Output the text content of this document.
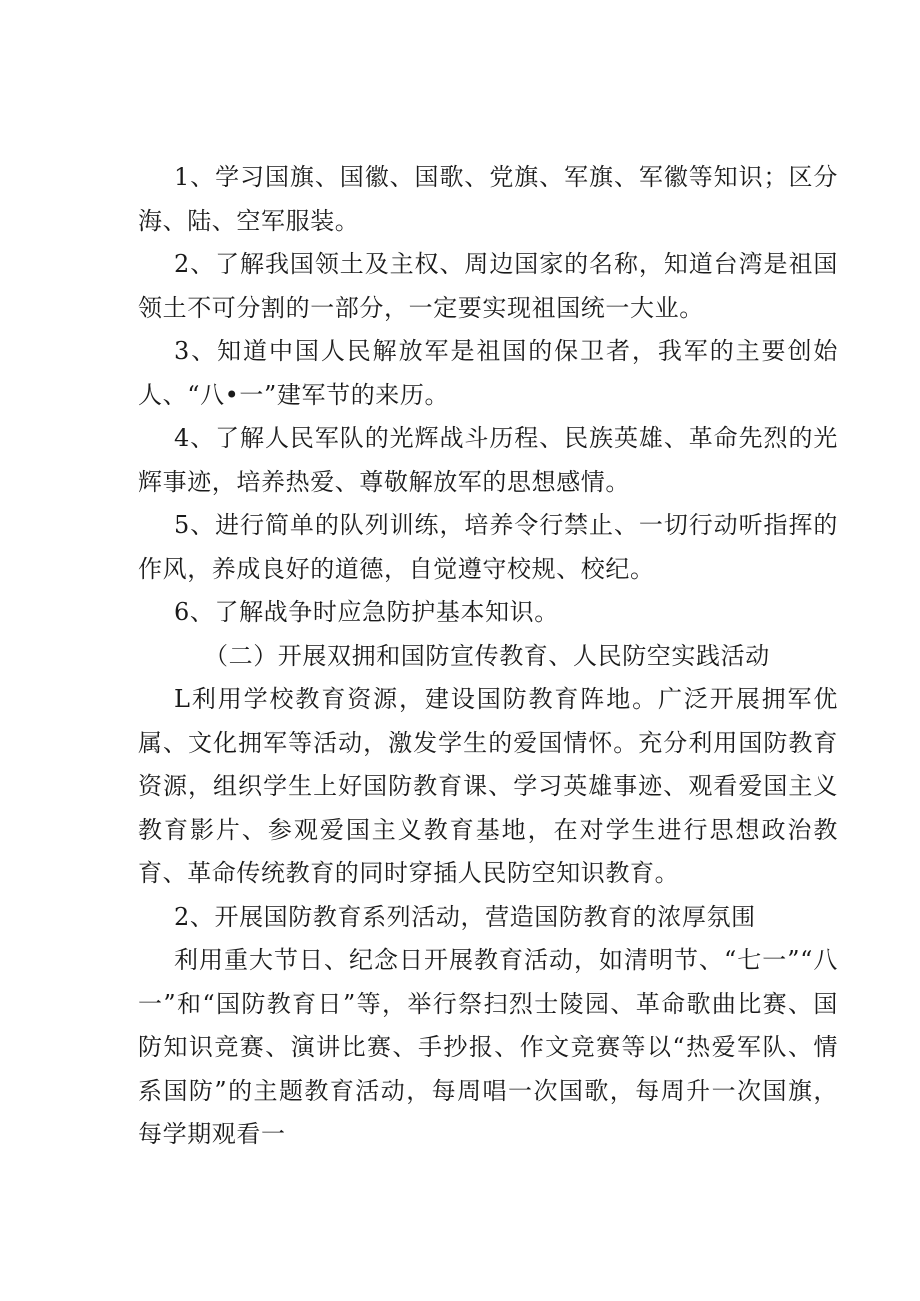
1、学习国旗、国徽、国歌、党旗、军旗、军徽等知识；区分海、陆、空军服装。

2、了解我国领土及主权、周边国家的名称，知道台湾是祖国领土不可分割的一部分，一定要实现祖国统一大业。

3、知道中国人民解放军是祖国的保卫者，我军的主要创始人、“八•一”建军节的来历。

4、了解人民军队的光辉战斗历程、民族英雄、革命先烈的光辉事迹，培养热爱、尊敬解放军的思想感情。

5、进行简单的队列训练，培养令行禁止、一切行动听指挥的作风，养成良好的道德，自觉遵守校规、校纪。

6、了解战争时应急防护基本知识。

（二）开展双拥和国防宣传教育、人民防空实践活动

L利用学校教育资源，建设国防教育阵地。广泛开展拥军优属、文化拥军等活动，激发学生的爱国情怀。充分利用国防教育资源，组织学生上好国防教育课、学习英雄事迹、观看爱国主义教育影片、参观爱国主义教育基地，在对学生进行思想政治教育、革命传统教育的同时穿插人民防空知识教育。

2、开展国防教育系列活动，营造国防教育的浓厚氛围

利用重大节日、纪念日开展教育活动，如清明节、“七一”“八一”和“国防教育日”等，举行祭扫烈士陵园、革命歌曲比赛、国防知识竞赛、演讲比赛、手抄报、作文竞赛等以“热爱军队、情系国防”的主题教育活动，每周唱一次国歌，每周升一次国旗，每学期观看一
